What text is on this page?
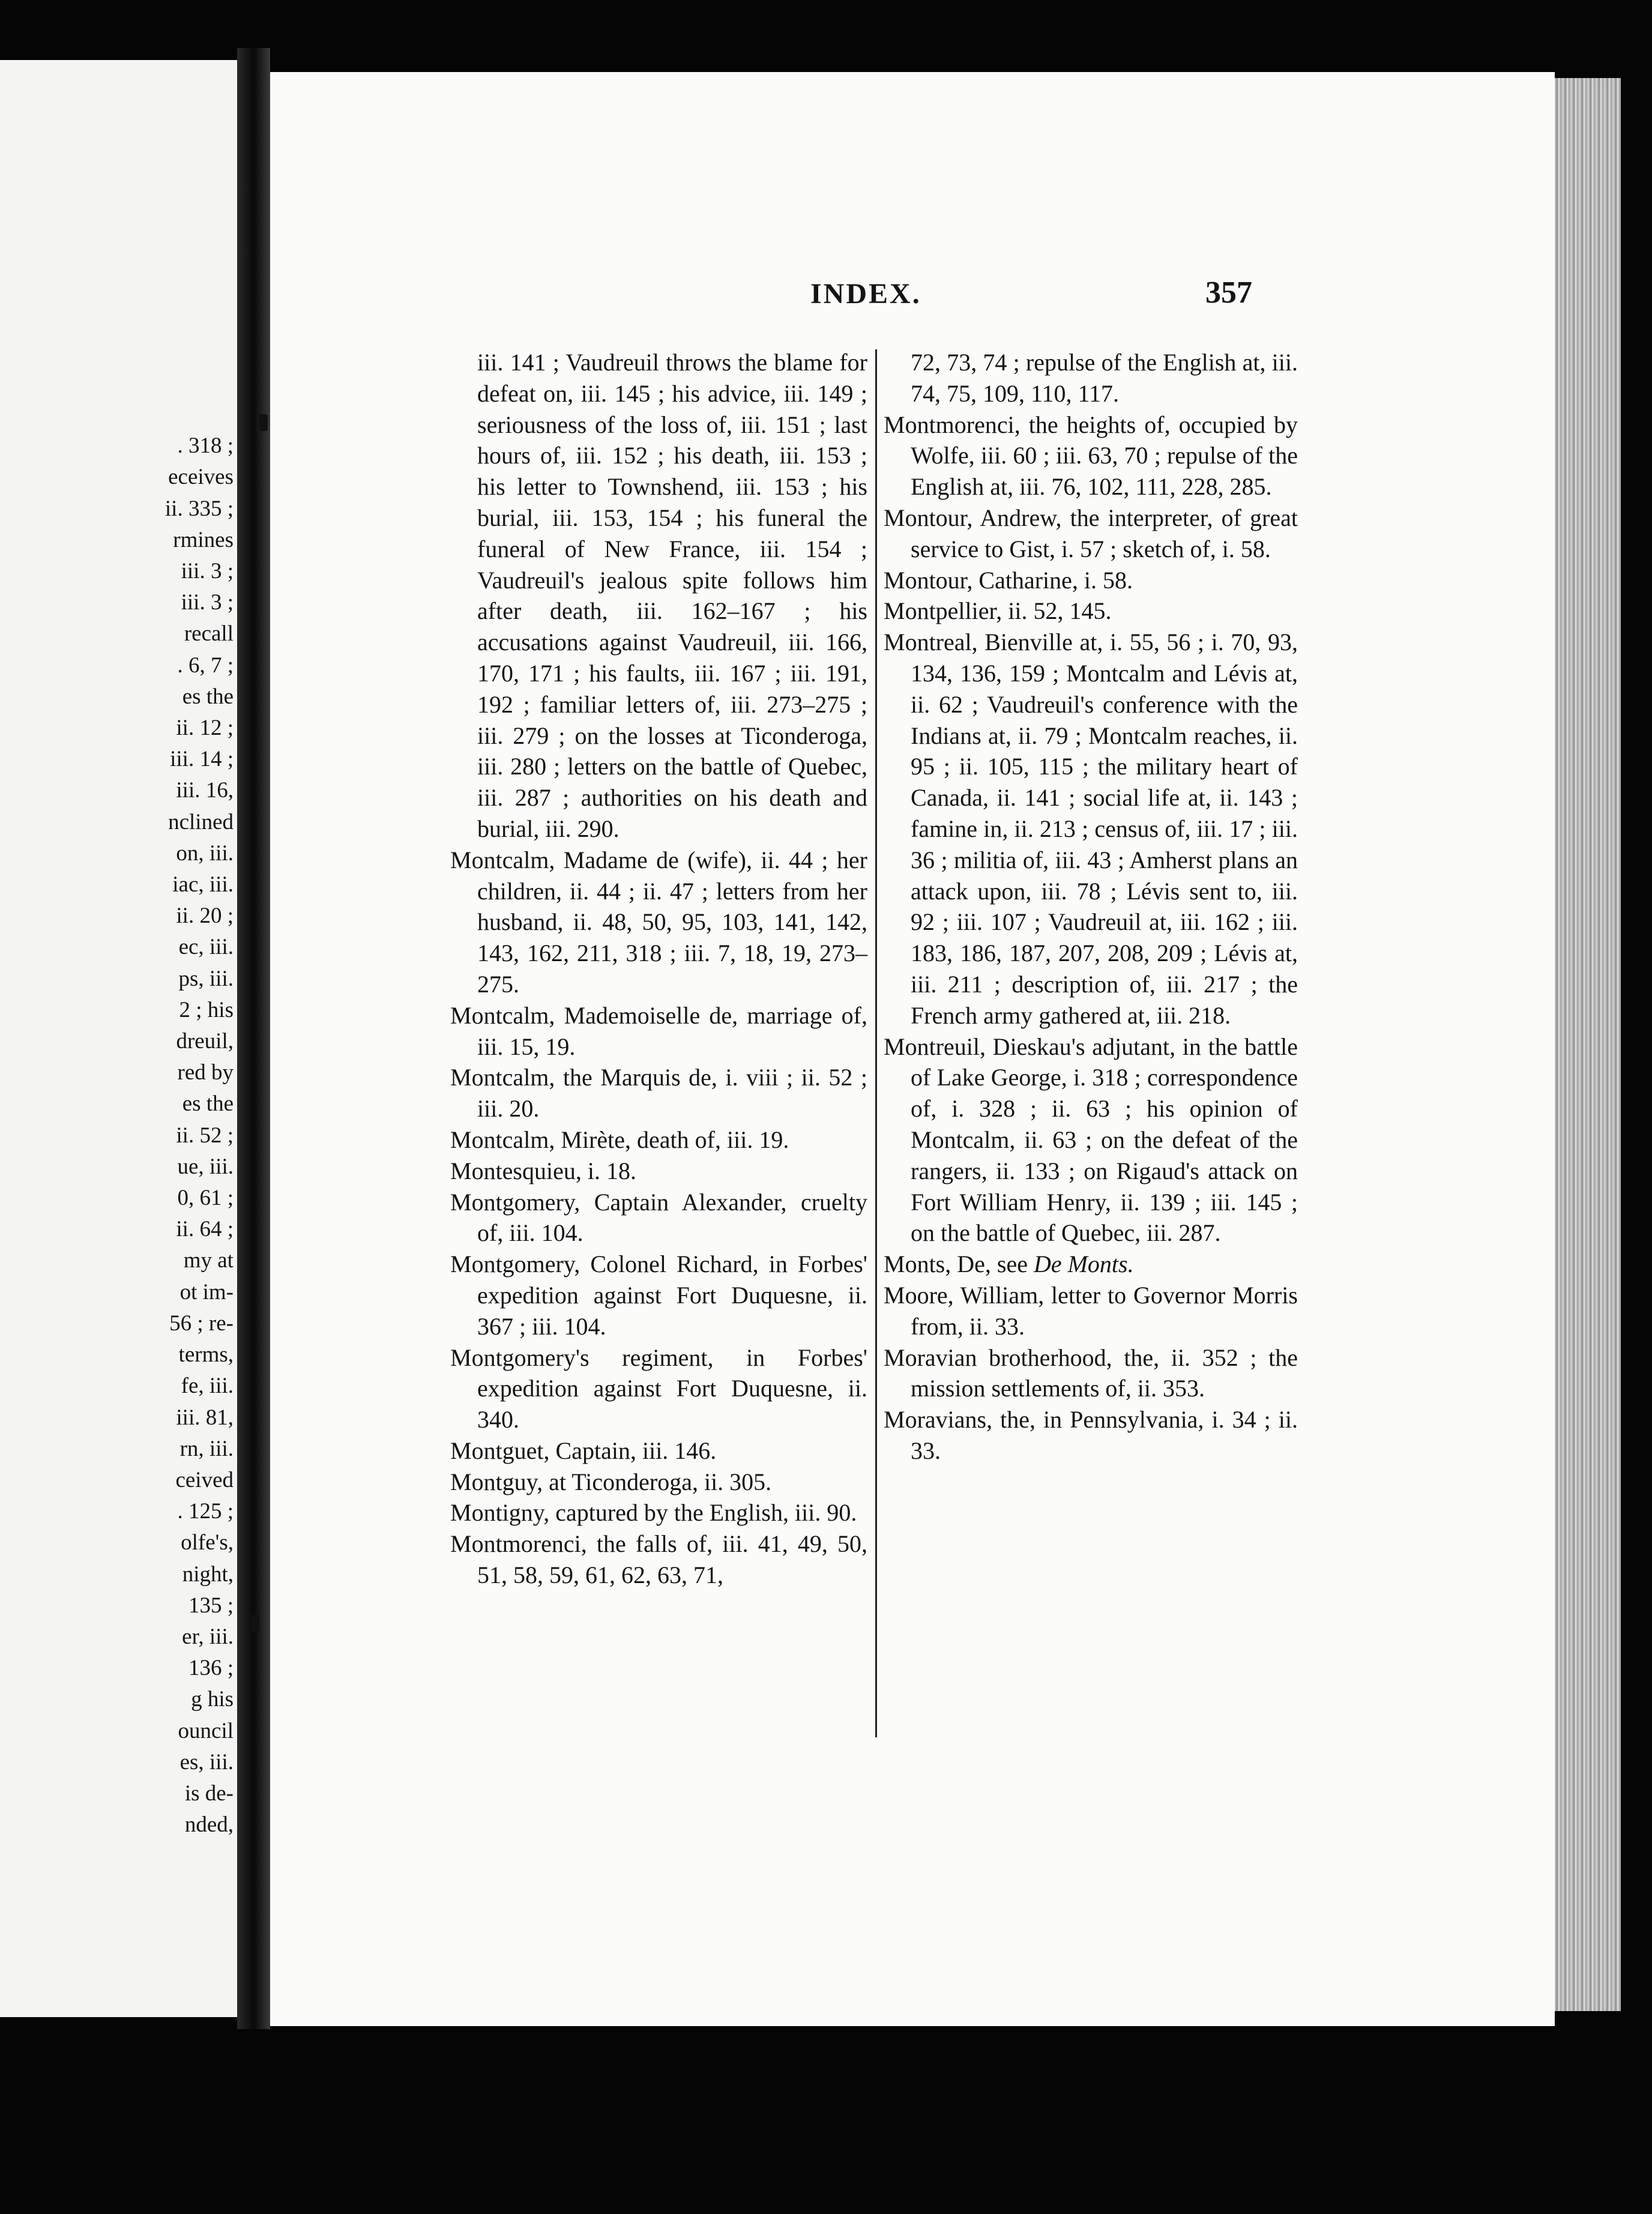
. 318 ;
eceives
ii. 335 ;
rmines
iii. 3 ;
iii. 3 ;
recall
. 6, 7 ;
es the
ii. 12 ;
iii. 14 ;
iii. 16,
nclined
on, iii.
iac, iii.
ii. 20 ;
ec, iii.
ps, iii.
2 ; his
dreuil,
red by
es the
ii. 52 ;
ue, iii.
0, 61 ;
ii. 64 ;
my at
ot im-
56 ; re-
terms,
fe, iii.
iii. 81,
rn, iii.
ceived
. 125 ;
olfe's,
night,
135 ;
er, iii.
136 ;
g his
ouncil
es, iii.
is de-
nded,

INDEX.	357

iii. 141 ; Vaudreuil throws the blame for defeat on, iii. 145 ; his advice, iii. 149 ; seriousness of the loss of, iii. 151 ; last hours of, iii. 152 ; his death, iii. 153 ; his letter to Townshend, iii. 153 ; his burial, iii. 153, 154 ; his funeral the funeral of New France, iii. 154 ; Vaudreuil's jealous spite follows him after death, iii. 162–167 ; his accusations against Vaudreuil, iii. 166, 170, 171 ; his faults, iii. 167 ; iii. 191, 192 ; familiar letters of, iii. 273–275 ; iii. 279 ; on the losses at Ticonderoga, iii. 280 ; letters on the battle of Quebec, iii. 287 ; authorities on his death and burial, iii. 290.

Montcalm, Madame de (wife), ii. 44 ; her children, ii. 44 ; ii. 47 ; letters from her husband, ii. 48, 50, 95, 103, 141, 142, 143, 162, 211, 318 ; iii. 7, 18, 19, 273–275.

Montcalm, Mademoiselle de, marriage of, iii. 15, 19.

Montcalm, the Marquis de, i. viii ; ii. 52 ; iii. 20.

Montcalm, Mirète, death of, iii. 19.

Montesquieu, i. 18.

Montgomery, Captain Alexander, cruelty of, iii. 104.

Montgomery, Colonel Richard, in Forbes' expedition against Fort Duquesne, ii. 367 ; iii. 104.

Montgomery's regiment, in Forbes' expedition against Fort Duquesne, ii. 340.

Montguet, Captain, iii. 146.

Montguy, at Ticonderoga, ii. 305.

Montigny, captured by the English, iii. 90.

Montmorenci, the falls of, iii. 41, 49, 50, 51, 58, 59, 61, 62, 63, 71,

72, 73, 74 ; repulse of the English at, iii. 74, 75, 109, 110, 117.

Montmorenci, the heights of, occupied by Wolfe, iii. 60 ; iii. 63, 70 ; repulse of the English at, iii. 76, 102, 111, 228, 285.

Montour, Andrew, the interpreter, of great service to Gist, i. 57 ; sketch of, i. 58.

Montour, Catharine, i. 58.

Montpellier, ii. 52, 145.

Montreal, Bienville at, i. 55, 56 ; i. 70, 93, 134, 136, 159 ; Montcalm and Lévis at, ii. 62 ; Vaudreuil's conference with the Indians at, ii. 79 ; Montcalm reaches, ii. 95 ; ii. 105, 115 ; the military heart of Canada, ii. 141 ; social life at, ii. 143 ; famine in, ii. 213 ; census of, iii. 17 ; iii. 36 ; militia of, iii. 43 ; Amherst plans an attack upon, iii. 78 ; Lévis sent to, iii. 92 ; iii. 107 ; Vaudreuil at, iii. 162 ; iii. 183, 186, 187, 207, 208, 209 ; Lévis at, iii. 211 ; description of, iii. 217 ; the French army gathered at, iii. 218.

Montreuil, Dieskau's adjutant, in the battle of Lake George, i. 318 ; correspondence of, i. 328 ; ii. 63 ; his opinion of Montcalm, ii. 63 ; on the defeat of the rangers, ii. 133 ; on Rigaud's attack on Fort William Henry, ii. 139 ; iii. 145 ; on the battle of Quebec, iii. 287.

Monts, De, see De Monts.

Moore, William, letter to Governor Morris from, ii. 33.

Moravian brotherhood, the, ii. 352 ; the mission settlements of, ii. 353.

Moravians, the, in Pennsylvania, i. 34 ; ii. 33.
